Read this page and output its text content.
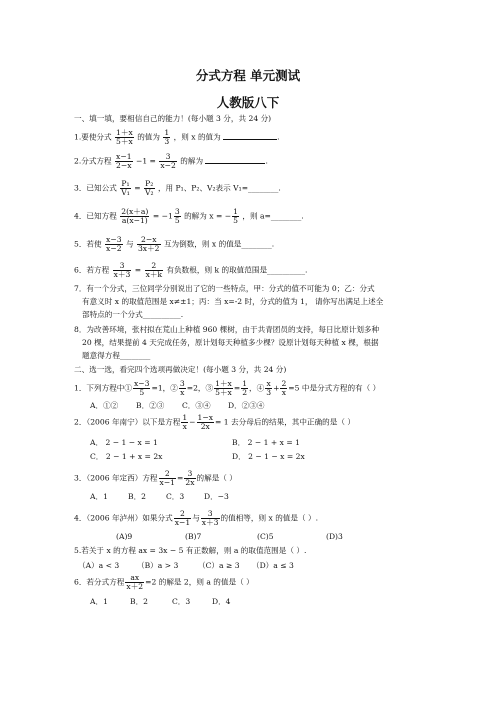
分式方程 单元测试
人教版八下
一、填一填，要相信自己的能力！(每小题 3 分，共 24 分)
1.要使分式 $\frac{1+x}{5+x}$ 的值为 $\frac{1}{3}$ ，则 x 的值为	.
2.分式方程 $\frac{x-1}{2-x} -1 = \frac{3}{x-2}$ 的解为	.
3．已知公式 $\frac{\text{P₁}}{\text{V₁}} = \frac{\text{P₂}}{\text{V₂}}$ ，用 P₁、P₂、V₂表示 V₁=________.
4．已知方程 $\frac{2(x+a)}{a(x-1)} = -1 \frac{3}{5}$ 的解为 x = − $\frac{1}{5}$ ，则 a=________.
5．若使 $\frac{x-3}{x-2}$ 与 $\frac{2-x}{3x+2}$ 互为倒数，则 x 的值是________.
6．若方程 $\frac{3}{x+3} = \frac{2}{x+k}$ 有负数根，则 k 的取值范围是__________.
7．有一个分式，三位同学分别说出了它的一些特点，甲：分式的值不可能为 0；乙：分式
有意义时 x 的取值范围是 x≠±1；丙：当 x=-2 时，分式的值为 1， 请你写出满足上述全
部特点的一个分式__________.
8．为改善环境，张村拟在荒山上种植 960 棵树，由于共青团员的支持，每日比原计划多种
20 棵，结果提前 4 天完成任务，原计划每天种植多少棵？设原计划每天种植 x 棵，根据
题意得方程________
二、选一选，看完四个选项再做决定！(每小题 3 分，共 24 分)
1．下列方程中① $\frac{x-3}{5} =1$，② $\frac{3}{x} =2$，③ $\frac{1+x}{5+x} = \frac{1}{2}$ ，④ $\frac{x}{3} + \frac{2}{x} =5$ 中是分式方程的有（ ）
A．①② B．②③ C．③④ D．②③④
2．（2006 年南宁）以下是方程 $\frac{1}{x} - \frac{1-x}{2x} = 1$ 去分母后的结果，其中正确的是（ ）
A． 2 − 1 − x = 1	B． 2 − 1 + x = 1
C． 2 − 1 + x = 2x	D． 2 − 1 − x = 2x
3．（2006 年定西）方程 $\frac{2}{x-1} = \frac{3}{2x}$ 的解是（ ）
A．1	B．2	C．3	D．−3
4．（2006 年泸州）如果分式 $\frac{2}{x-1}$ 与 $\frac{3}{x+3}$ 的值相等，则 x 的值是（ ）.
(A)9	(B)7	(C)5	(D)3
5.若关于 x 的方程 ax = 3x − 5 有正数解，则 a 的取值范围是（ ）.
（A）a < 3 （B）a > 3	（C）a ≥ 3 （D）a ≤ 3
6．若分式方程 $\frac{ax}{x+2} =2$ 的解是 2，则 a 的值是（ ）
A．1	B．2	C．3	D．4
